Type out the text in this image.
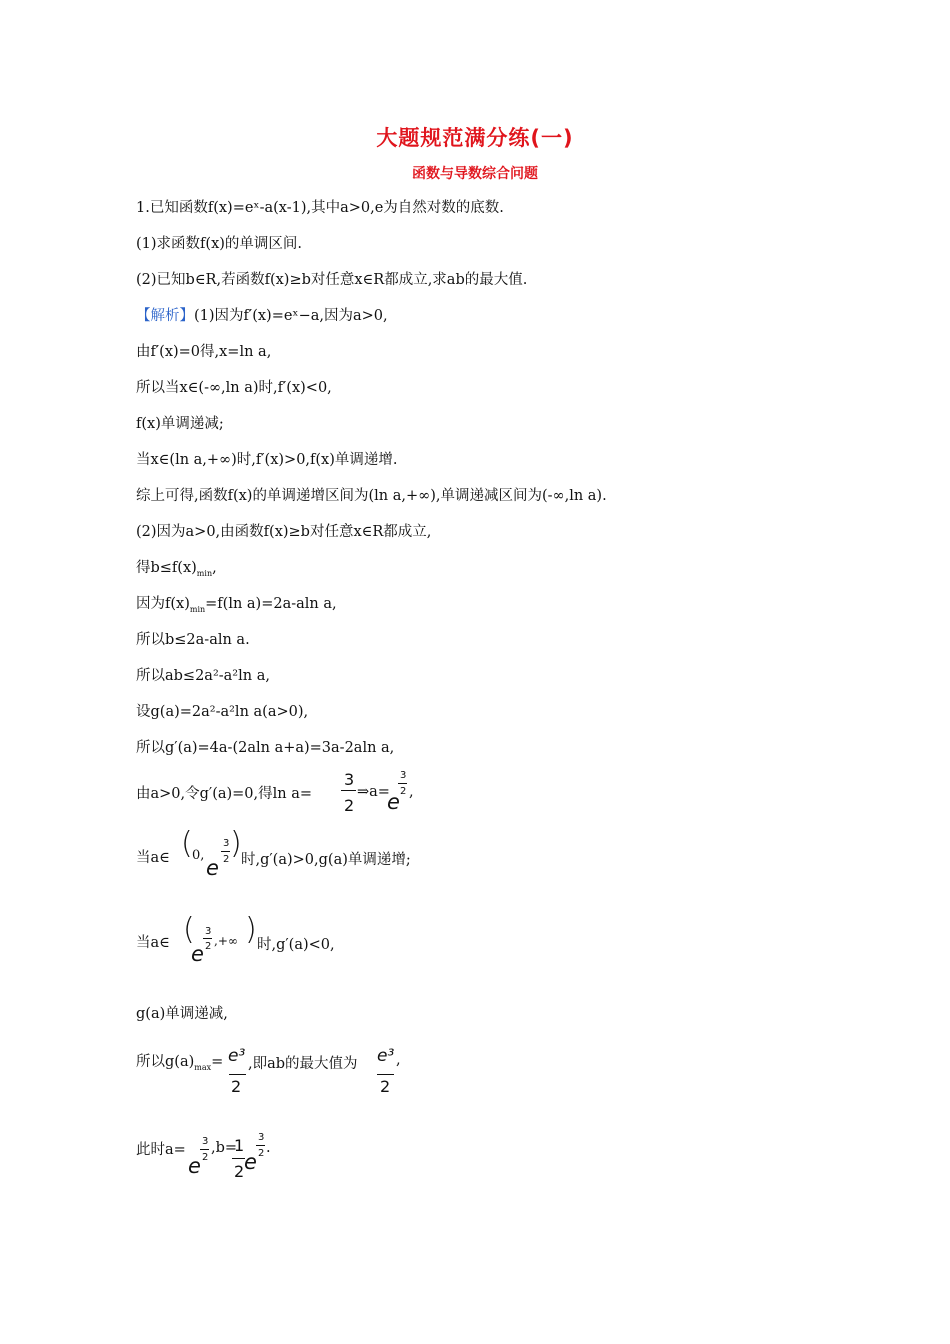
大题规范满分练(一)
函数与导数综合问题
1.已知函数f(x)=eˣ-a(x-1),其中a>0,e为自然对数的底数.
(1)求函数f(x)的单调区间.
(2)已知b∈R,若函数f(x)≥b对任意x∈R都成立,求ab的最大值.
【解析】(1)因为f′(x)=eˣ−a,因为a>0,
由f′(x)=0得,x=ln a,
所以当x∈(-∞,ln a)时,f′(x)<0,
f(x)单调递减;
当x∈(ln a,+∞)时,f′(x)>0,f(x)单调递增.
综上可得,函数f(x)的单调递增区间为(ln a,+∞),单调递减区间为(-∞,ln a).
(2)因为a>0,由函数f(x)≥b对任意x∈R都成立,
得$b\le f(x)_{min}$,
因为$f(x)_{min}=f(\ln$ a)=2a-aln a,
所以b≤2a-aln a.
所以ab≤2a²-a²ln a,
设g(a)=2a²-a²ln a(a>0),
所以g′(a)=4a-(2aln a+a)=3a-2aln a,
由a>0,令g′(a)=0,得ln a=
3
2
⇒a=
e
3
2 ,
当a∈ ( 0,
e
3
2 ) 时,g′(a)>0,g(a)单调递增;
当a∈ (
e
3
2 ,+∞ ) 时,g′(a)<0,
g(a)单调递减,
所以$g(a)_{max}= e^3$
2
,即ab的最大值为 e³
2
,
此时a=
e
3
2
,b=
1
2 e
3
2 .
